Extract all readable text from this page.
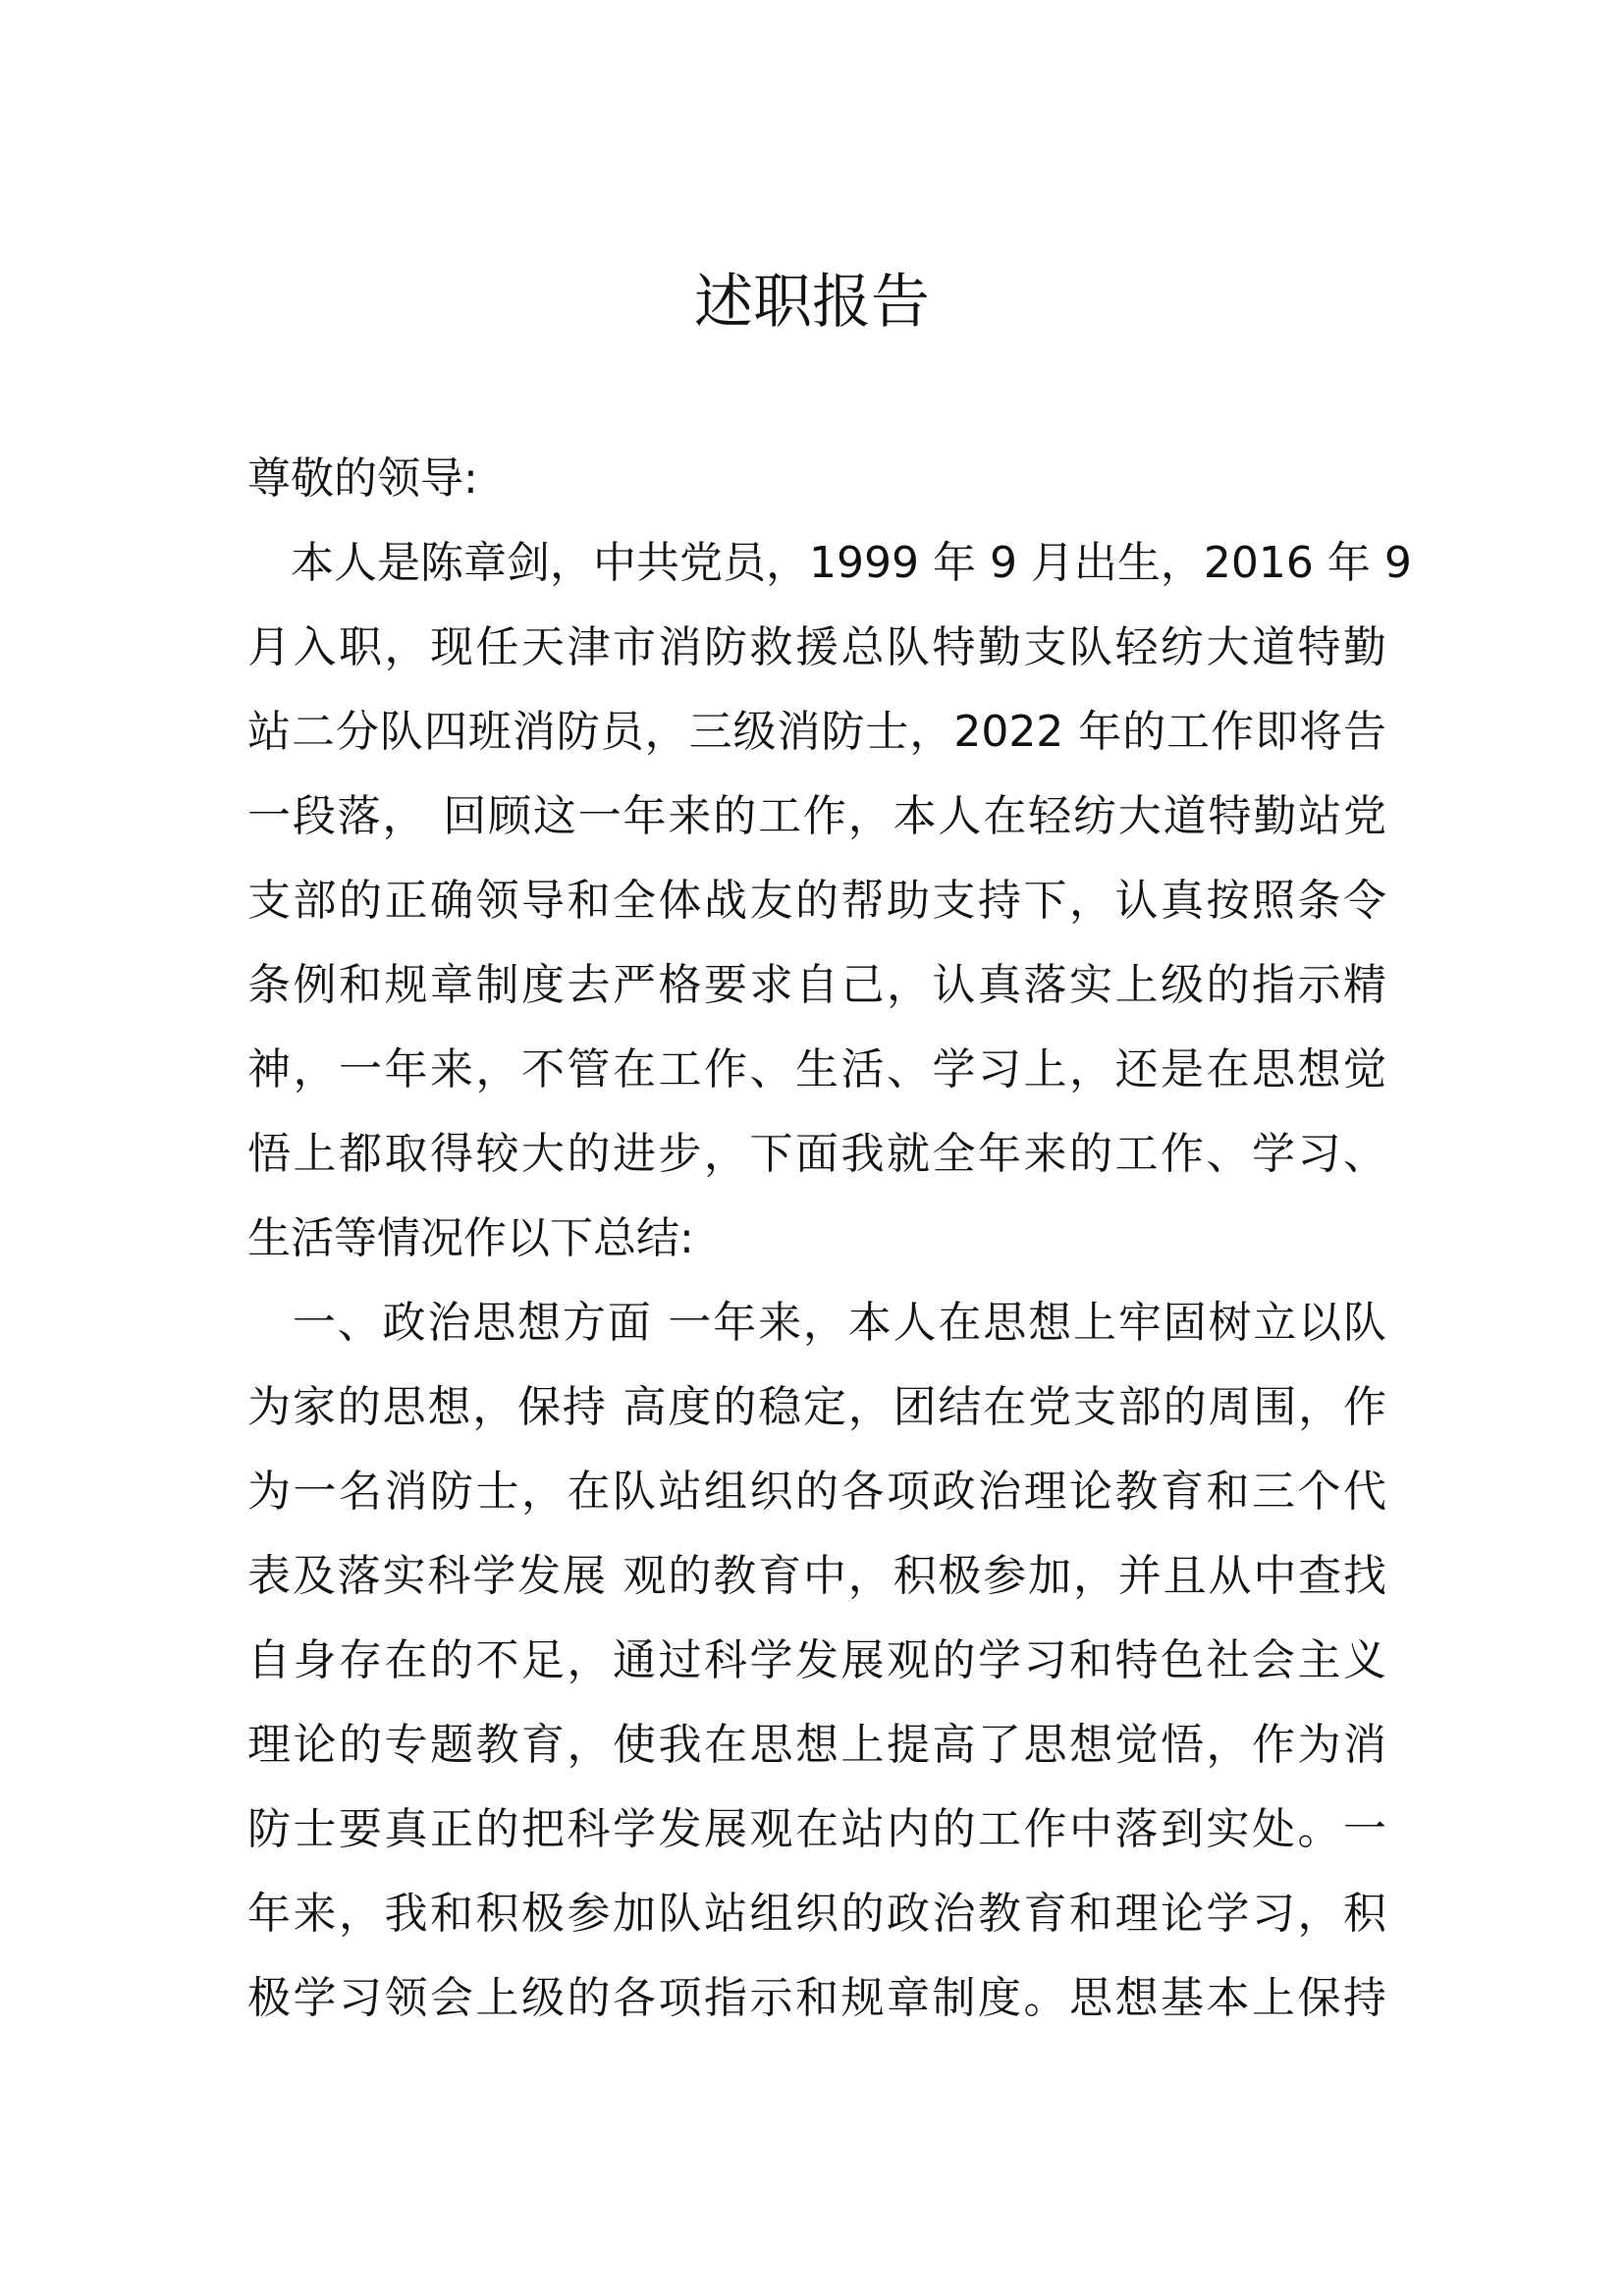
述职报告

尊敬的领导:

　本人是陈章剑，中共党员，1999 年 9 月出生，2016 年 9

月入职，现任天津市消防救援总队特勤支队轻纺大道特勤

站二分队四班消防员，三级消防士，2022 年的工作即将告

一段落， 回顾这一年来的工作，本人在轻纺大道特勤站党

支部的正确领导和全体战友的帮助支持下，认真按照条令

条例和规章制度去严格要求自己，认真落实上级的指示精

神，一年来，不管在工作、生活、学习上，还是在思想觉

悟上都取得较大的进步，下面我就全年来的工作、学习、

生活等情况作以下总结:

　一、政治思想方面 一年来，本人在思想上牢固树立以队

为家的思想，保持 高度的稳定，团结在党支部的周围，作

为一名消防士，在队站组织的各项政治理论教育和三个代

表及落实科学发展 观的教育中，积极参加，并且从中查找

自身存在的不足，通过科学发展观的学习和特色社会主义

理论的专题教育，使我在思想上提高了思想觉悟，作为消

防士要真正的把科学发展观在站内的工作中落到实处。一

年来，我和积极参加队站组织的政治教育和理论学习，积

极学习领会上级的各项指示和规章制度。思想基本上保持
